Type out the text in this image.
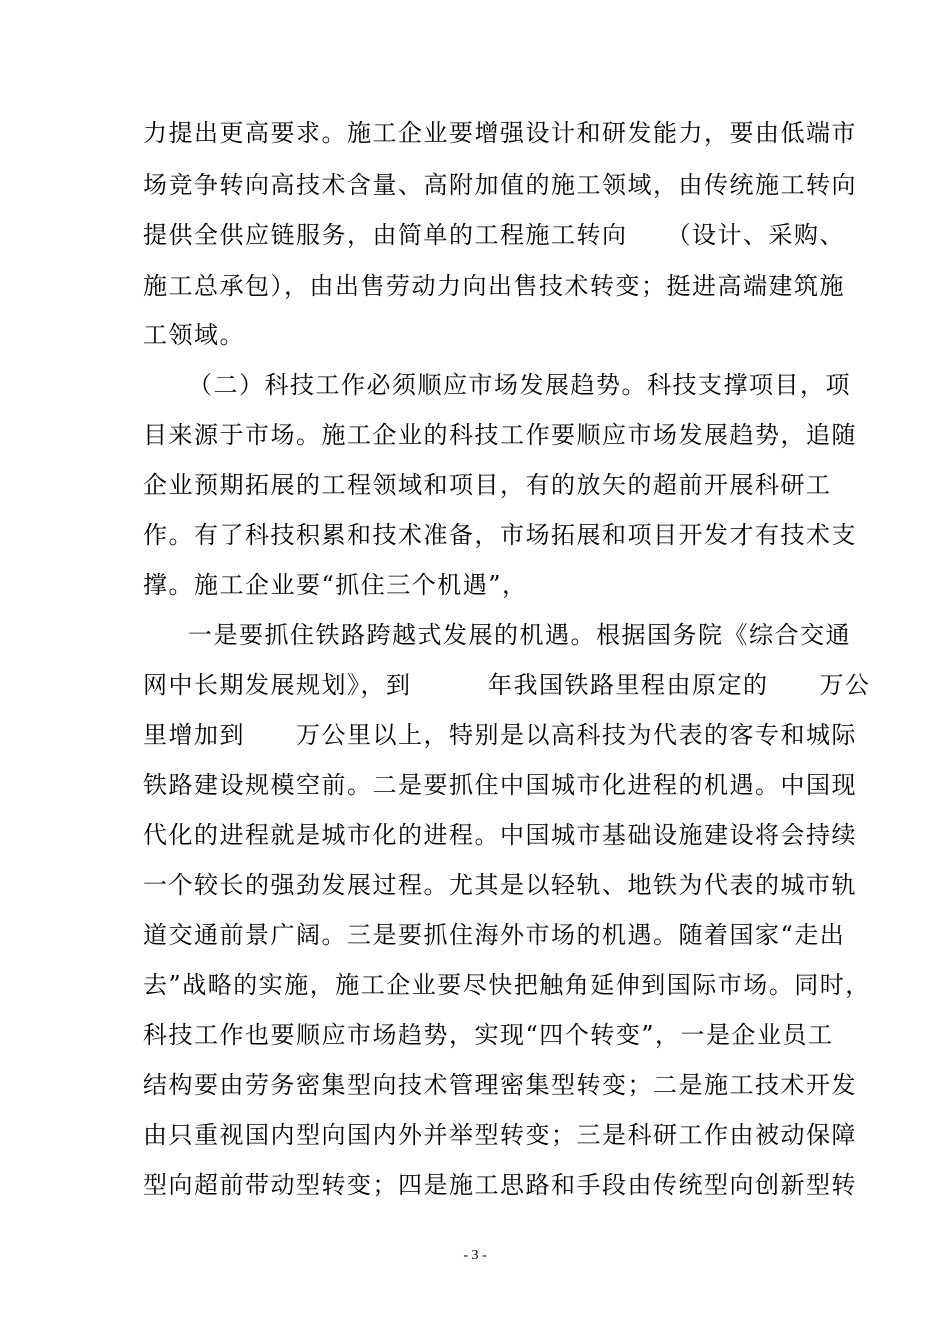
力提出更高要求。施工企业要增强设计和研发能力，要由低端市
场竞争转向高技术含量、高附加值的施工领域，由传统施工转向
提供全供应链服务，由简单的工程施工转向　　（设计、采购、
施工总承包），由出售劳动力向出售技术转变；挺进高端建筑施
工领域。
（二）科技工作必须顺应市场发展趋势。科技支撑项目，项
目来源于市场。施工企业的科技工作要顺应市场发展趋势，追随
企业预期拓展的工程领域和项目，有的放矢的超前开展科研工
作。有了科技积累和技术准备，市场拓展和项目开发才有技术支
撑。施工企业要“抓住三个机遇”，
一是要抓住铁路跨越式发展的机遇。根据国务院《综合交通
网中长期发展规划》，到　　　年我国铁路里程由原定的　　万公
里增加到　　万公里以上，特别是以高科技为代表的客专和城际
铁路建设规模空前。二是要抓住中国城市化进程的机遇。中国现
代化的进程就是城市化的进程。中国城市基础设施建设将会持续
一个较长的强劲发展过程。尤其是以轻轨、地铁为代表的城市轨
道交通前景广阔。三是要抓住海外市场的机遇。随着国家“走出
去”战略的实施，施工企业要尽快把触角延伸到国际市场。同时，
科技工作也要顺应市场趋势，实现“四个转变”，一是企业员工
结构要由劳务密集型向技术管理密集型转变；二是施工技术开发
由只重视国内型向国内外并举型转变；三是科研工作由被动保障
型向超前带动型转变；四是施工思路和手段由传统型向创新型转
- 3 -
